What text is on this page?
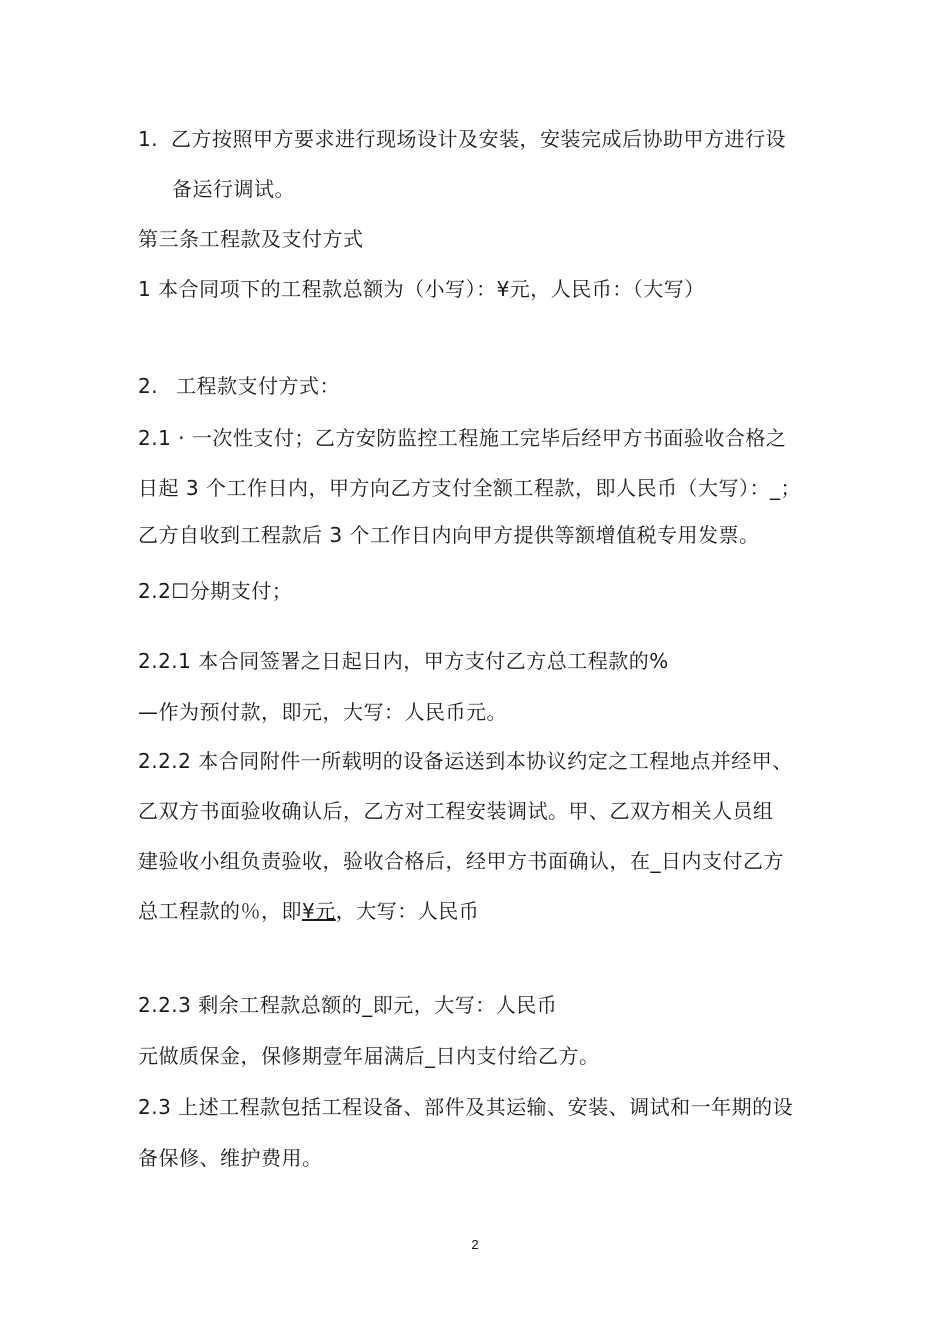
1. 乙方按照甲方要求进行现场设计及安装，安装完成后协助甲方进行设
备运行调试。
第三条工程款及支付方式
1 本合同项下的工程款总额为（小写）：¥元，人民币：（大写）
2. 工程款支付方式：
2.1 · 一次性支付；乙方安防监控工程施工完毕后经甲方书面验收合格之
日起 3 个工作日内，甲方向乙方支付全额工程款，即人民币（大写）：_；
乙方自收到工程款后 3 个工作日内向甲方提供等额增值税专用发票。
2.2☐分期支付；
2.2.1 本合同签署之日起日内，甲方支付乙方总工程款的%
—作为预付款，即元，大写：人民币元。
2.2.2 本合同附件一所载明的设备运送到本协议约定之工程地点并经甲、
乙双方书面验收确认后，乙方对工程安装调试。甲、乙双方相关人员组
建验收小组负责验收，验收合格后，经甲方书面确认，在_日内支付乙方
总工程款的％，即¥元，大写：人民币
2.2.3 剩余工程款总额的_即元，大写：人民币
元做质保金，保修期壹年届满后_日内支付给乙方。
2.3 上述工程款包括工程设备、部件及其运输、安装、调试和一年期的设
备保修、维护费用。
2
